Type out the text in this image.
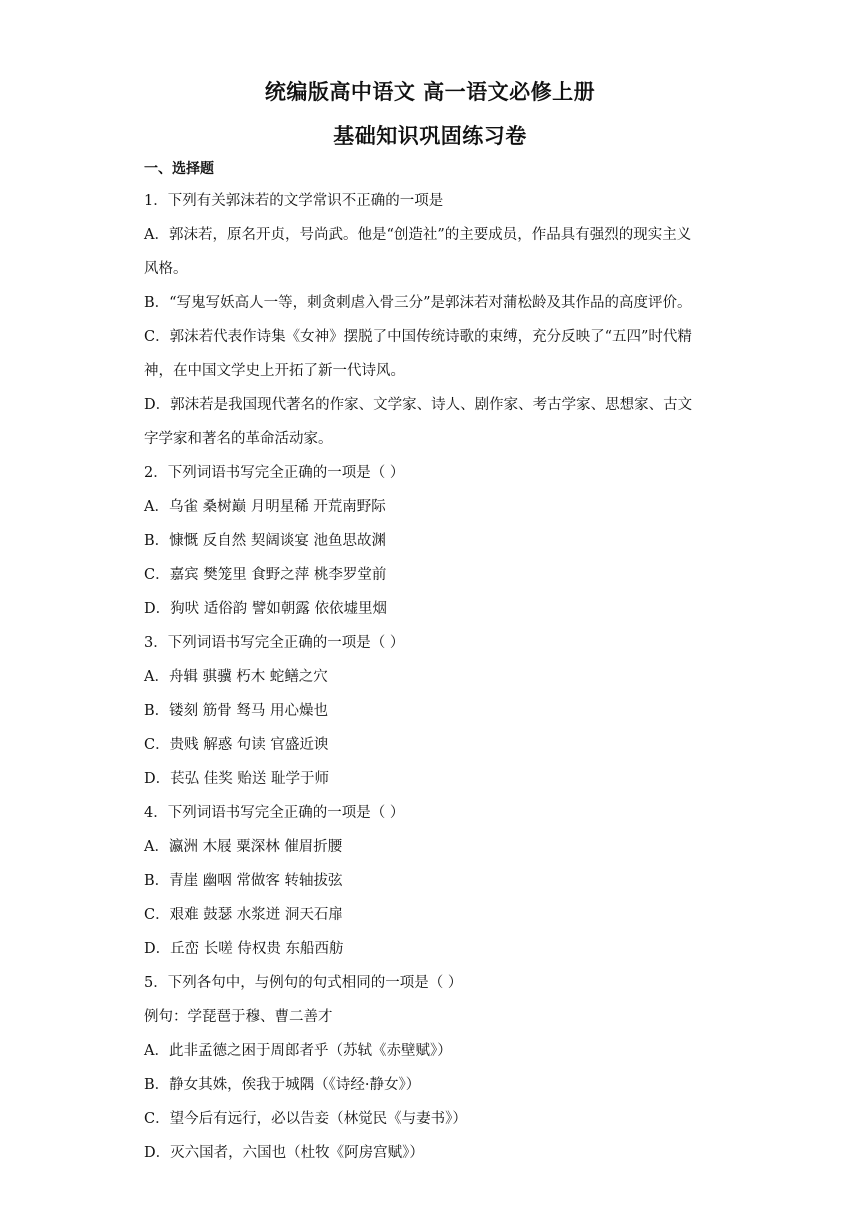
统编版高中语文 高一语文必修上册
基础知识巩固练习卷
一、选择题
1．下列有关郭沫若的文学常识不正确的一项是
A．郭沫若，原名开贞，号尚武。他是“创造社”的主要成员，作品具有强烈的现实主义
风格。
B．“写鬼写妖高人一等，刺贪刺虐入骨三分”是郭沫若对蒲松龄及其作品的高度评价。
C．郭沫若代表作诗集《女神》摆脱了中国传统诗歌的束缚，充分反映了“五四”时代精
神，在中国文学史上开拓了新一代诗风。
D．郭沫若是我国现代著名的作家、文学家、诗人、剧作家、考古学家、思想家、古文
字学家和著名的革命活动家。
2．下列词语书写完全正确的一项是（ ）
A．乌雀 桑树巅 月明星稀 开荒南野际
B．慷慨 反自然 契阔谈宴 池鱼思故渊
C．嘉宾 樊笼里 食野之萍 桃李罗堂前
D．狗吠 适俗韵 譬如朝露 依依墟里烟
3．下列词语书写完全正确的一项是（ ）
A．舟辑 骐骥 朽木 蛇鳝之穴
B．镂刻 筋骨 驽马 用心燥也
C．贵贱 解惑 句读 官盛近谀
D．苌弘 佳奖 贻送 耻学于师
4．下列词语书写完全正确的一项是（ ）
A．瀛洲 木屐 粟深林 催眉折腰
B．青崖 幽咽 常做客 转轴拔弦
C．艰难 鼓瑟 水浆迸 洞天石扉
D．丘峦 长嗟 侍权贵 东船西舫
5．下列各句中，与例句的句式相同的一项是（ ）
例句：学琵琶于穆、曹二善才
A．此非孟德之困于周郎者乎（苏轼《赤壁赋》）
B．静女其姝，俟我于城隅（《诗经·静女》）
C．望今后有远行，必以告妾（林觉民《与妻书》）
D．灭六国者，六国也（杜牧《阿房宫赋》）
